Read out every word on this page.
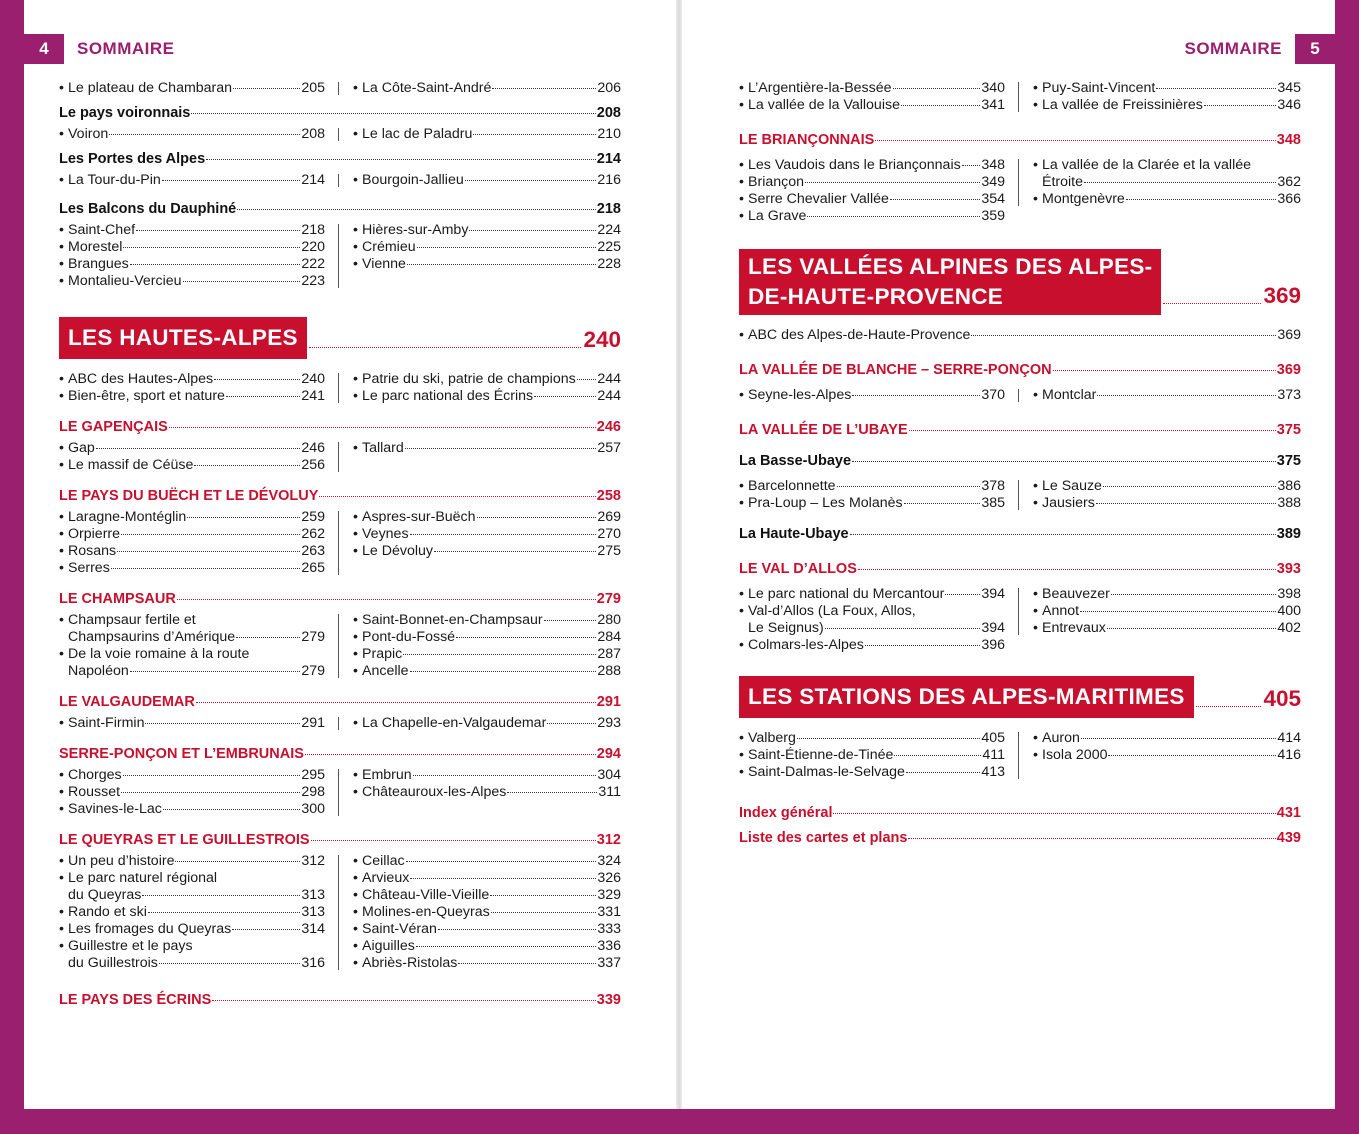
4	SOMMAIRE	SOMMAIRE	5
• Le plateau de Chambaran	205 • La Côte-Saint-André	206
Le pays voironnais	208
• Voiron	208 • Le lac de Paladru	210
Les Portes des Alpes	214
• La Tour-du-Pin	214 • Bourgoin-Jallieu	216
Les Balcons du Dauphiné	218
• Saint-Chef	218
• Morestel	220
• Brangues	222
• Montalieu-Vercieu	223
• Hières-sur-Amby	224
• Crémieu	225
• Vienne	228
LES HAUTES-ALPES	240
• ABC des Hautes-Alpes	240
• Bien-être, sport et nature	241
• Patrie du ski, patrie de champions 244
• Le parc national des Écrins	244
LE GAPENÇAIS	246
• Gap	246
• Le massif de Céüse	256
• Tallard	257
LE PAYS DU BUËCH ET LE DÉVOLUY	258
• Laragne-Montéglin	259
• Orpierre	262
• Rosans	263
• Serres	265
• Aspres-sur-Buëch	269
• Veynes	270
• Le Dévoluy	275
LE CHAMPSAUR	279
• Champsaur fertile et
Champsaurins d’Amérique	279
• De la voie romaine à la route
Napoléon	279
• Saint-Bonnet-en-Champsaur	280
• Pont-du-Fossé	284
• Prapic	287
• Ancelle	288
LE VALGAUDEMAR	291
• Saint-Firmin	291 • La Chapelle-en-Valgaudemar	293
SERRE-PONÇON ET L’EMBRUNAIS	294
• Chorges	295
• Rousset	298
• Savines-le-Lac	300
• Embrun	304
• Châteauroux-les-Alpes	311
LE QUEYRAS ET LE GUILLESTROIS	312
• Un peu d’histoire	312
• Le parc naturel régional
du Queyras	313
• Rando et ski	313
• Les fromages du Queyras	314
• Guillestre et le pays
du Guillestrois	316
• Ceillac	324
• Arvieux	326
• Château-Ville-Vieille	329
• Molines-en-Queyras	331
• Saint-Véran	333
• Aiguilles	336
• Abriès-Ristolas	337
LE PAYS DES ÉCRINS	339
• L’Argentière-la-Bessée	340
• La vallée de la Vallouise	341
• Puy-Saint-Vincent	345
• La vallée de Freissinières	346
LE BRIANÇONNAIS	348
• Les Vaudois dans le Briançonnais 348
• Briançon	349
• Serre Chevalier Vallée	354
• La Grave	359
• La vallée de la Clarée et la vallée
Étroite	362
• Montgenèvre	366
LES VALLÉES ALPINES DES ALPES-
DE-HAUTE-PROVENCE	369
• ABC des Alpes-de-Haute-Provence	369
LA VALLÉE DE BLANCHE – SERRE-PONÇON	369
• Seyne-les-Alpes	370 • Montclar	373
LA VALLÉE DE L’UBAYE	375
La Basse-Ubaye	375
• Barcelonnette	378
• Pra-Loup – Les Molanès	385
• Le Sauze	386
• Jausiers	388
La Haute-Ubaye	389
LE VAL D’ALLOS	393
• Le parc national du Mercantour	394
• Val-d’Allos (La Foux, Allos,
Le Seignus)	394
• Colmars-les-Alpes	396
• Beauvezer	398
• Annot	400
• Entrevaux	402
LES STATIONS DES ALPES-MARITIMES	405
• Valberg	405
• Saint-Étienne-de-Tinée	411
• Saint-Dalmas-le-Selvage	413
• Auron	414
• Isola 2000	416
Index général	431
Liste des cartes et plans	439
